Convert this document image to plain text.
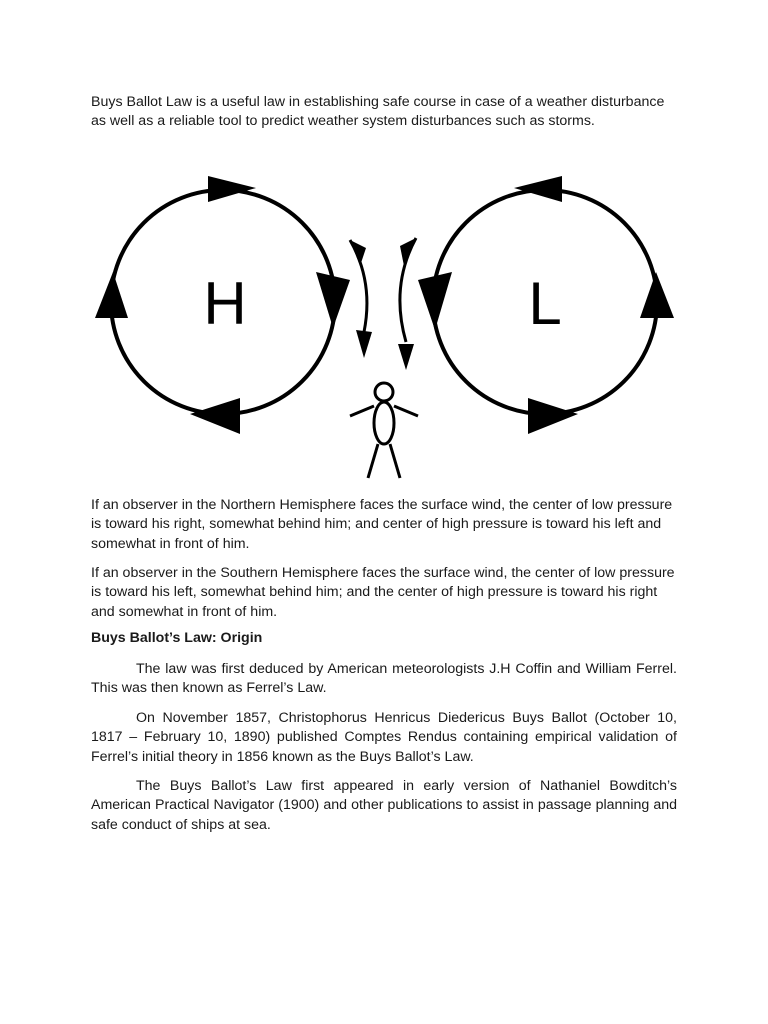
Buys Ballot Law is a useful law in establishing safe course in case of a weather disturbance as well as a reliable tool to predict weather system disturbances such as storms.

H	L

If an observer in the Northern Hemisphere faces the surface wind, the center of low pressure is toward his right, somewhat behind him; and center of high pressure is toward his left and somewhat in front of him.

If an observer in the Southern Hemisphere faces the surface wind, the center of low pressure is toward his left, somewhat behind him; and the center of high pressure is toward his right and somewhat in front of him.

Buys Ballot’s Law: Origin

The law was first deduced by American meteorologists J.H Coffin and William Ferrel. This was then known as Ferrel’s Law.

On November 1857, Christophorus Henricus Diedericus Buys Ballot (October 10, 1817 – February 10, 1890) published Comptes Rendus containing empirical validation of Ferrel’s initial theory in 1856 known as the Buys Ballot’s Law.

The Buys Ballot’s Law first appeared in early version of Nathaniel Bowditch’s American Practical Navigator (1900) and other publications to assist in passage planning and safe conduct of ships at sea.
